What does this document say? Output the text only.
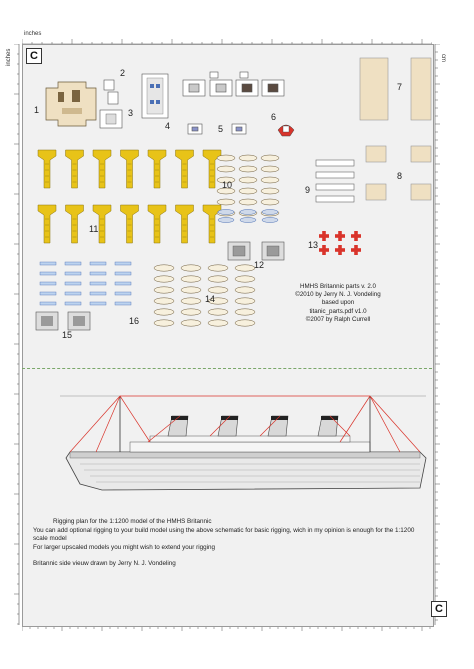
inches
inches	cm
C
C
1
2
3
4	5
6
7
8
9
10
11
12
13
14
15
16
HMHS Britannic parts v. 2.0
©2010 by Jerry N. J. Vondeling
based upon
titanic_parts.pdf v1.0
©2007 by Ralph Currell

Rigging plan for the 1:1200 model of the HMHS Britannic

You can add optional rigging to your build model using the above schematic for basic rigging, wich in my opinion is enough for the 1:1200 scale model

For larger upscaled models you might wish to extend your rigging

Britannic side vieuw drawn by Jerry N. J. Vondeling
